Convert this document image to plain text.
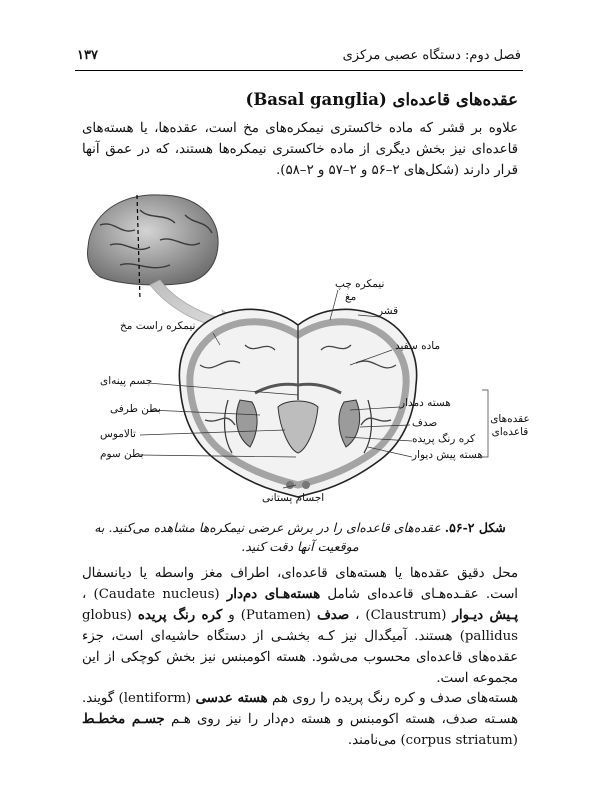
۱۳۷	فصل دوم: دستگاه عصبی مرکزی
عقده‌های قاعده‌ای (Basal ganglia)
علاوه بر قشر که ماده خاکستری نیمکره‌های مخ است، عقده‌ها، یا هسته‌های قاعده‌ای نیز بخش دیگری از ماده خاکستری نیمکره‌ها هستند، که در عمق آنها قرار دارند (شکل‌های ۲–۵۶ و ۲–۵۷ و ۲–۵۸).
نیمکره چپ
مغ
نیمکره راست مخ
قشر
ماده سفید
جسم پینه‌ای
بطن طرفی
تالاموس
بطن سوم
هسته دمدار
صدف
کره رنگ پریده
هسته پیش دیوار
عقده‌های قاعده‌ای
اجسام پستانی
شکل ۲-۵۶. عقده‌های قاعده‌ای را در برش عرضی نیمکره‌ها مشاهده می‌کنید. به موقعیت آنها دقت کنید.
محل دقیق عقده‌ها یا هسته‌های قاعده‌ای، اطراف مغز واسطه یا دیانسفال است. عقـده‌هـای قاعده‌ای شامل هسته‌هـای دم‌دار (Caudate nucleus) ، پـیش دیـوار (Claustrum) ، صدف (Putamen) و کره رنگ پریده (globus pallidus) هستند. آمیگدال نیز کـه بخشـی از دستگاه حاشیه‌ای است، جزء عقده‌های قاعده‌ای محسوب می‌شود. هسته اکومبنس نیز بخش کوچکی از این مجموعه است.
هسته‌های صدف و کره رنگ پریده را روی هم هسته عدسی (lentiform) گویند. هسـته صدف، هسته اکومبنس و هسته دم‌دار را نیز روی هـم جسـم مخطـط (corpus striatum) می‌نامند.
